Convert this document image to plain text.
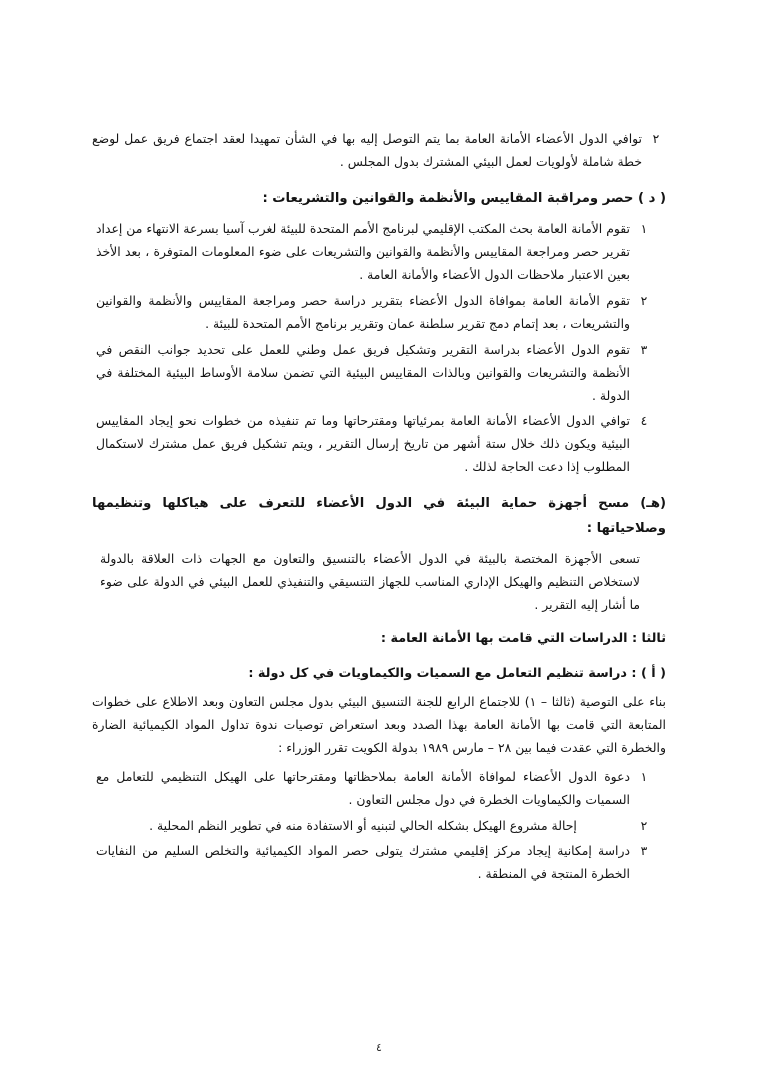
٢
توافي الدول الأعضاء الأمانة العامة بما يتم التوصل إليه بها في الشأن تمهيدا لعقد اجتماع فريق عمل لوضع خطة شاملة لأولويات لعمل البيئي المشترك بدول المجلس .
( د ) حصر ومراقبة المقاييس والأنظمة والقوانين والتشريعات :
١
تقوم الأمانة العامة بحث المكتب الإقليمي لبرنامج الأمم المتحدة للبيئة لغرب آسيا بسرعة الانتهاء من إعداد تقرير حصر ومراجعة المقاييس والأنظمة والقوانين والتشريعات على ضوء المعلومات المتوفرة ، بعد الأخذ بعين الاعتبار ملاحظات الدول الأعضاء والأمانة العامة .
٢
تقوم الأمانة العامة بموافاة الدول الأعضاء بتقرير دراسة حصر ومراجعة المقاييس والأنظمة والقوانين والتشريعات ، بعد إتمام دمج تقرير سلطنة عمان وتقرير برنامج الأمم المتحدة للبيئة .
٣
تقوم الدول الأعضاء بدراسة التقرير وتشكيل فريق عمل وطني للعمل على تحديد جوانب النقص في الأنظمة والتشريعات والقوانين وبالذات المقاييس البيئية التي تضمن سلامة الأوساط البيئية المختلفة في الدولة .
٤
توافي الدول الأعضاء الأمانة العامة بمرئياتها ومقترحاتها وما تم تنفيذه من خطوات نحو إيجاد المقاييس البيئية ويكون ذلك خلال ستة أشهر من تاريخ إرسال التقرير ، ويتم تشكيل فريق عمل مشترك لاستكمال المطلوب إذا دعت الحاجة لذلك .
(هـ) مسح أجهزة حماية البيئة في الدول الأعضاء للتعرف على هياكلها وتنظيمها وصلاحياتها :
تسعى الأجهزة المختصة بالبيئة في الدول الأعضاء بالتنسيق والتعاون مع الجهات ذات العلاقة بالدولة لاستخلاص التنظيم والهيكل الإداري المناسب للجهاز التنسيقي والتنفيذي للعمل البيئي في الدولة على ضوء ما أشار إليه التقرير .
ثالثا : الدراسات التي قامت بها الأمانة العامة :
( أ ) : دراسة تنظيم التعامل مع السميات والكيماويات في كل دولة :
بناء على التوصية (ثالثا – ١) للاجتماع الرابع للجنة التنسيق البيئي بدول مجلس التعاون وبعد الاطلاع على خطوات المتابعة التي قامت بها الأمانة العامة بهذا الصدد وبعد استعراض توصيات ندوة تداول المواد الكيميائية الضارة والخطرة التي عقدت فيما بين ٢٨ – مارس ١٩٨٩ بدولة الكويت تقرر الوزراء :
١
دعوة الدول الأعضاء لموافاة الأمانة العامة بملاحظاتها ومقترحاتها على الهيكل التنظيمي للتعامل مع السميات والكيماويات الخطرة في دول مجلس التعاون .
٢
إحالة مشروع الهيكل بشكله الحالي لتبنيه أو الاستفادة منه في تطوير النظم المحلية .
٣
دراسة إمكانية إيجاد مركز إقليمي مشترك يتولى حصر المواد الكيميائية والتخلص السليم من النفايات الخطرة المنتجة في المنطقة .
٤
